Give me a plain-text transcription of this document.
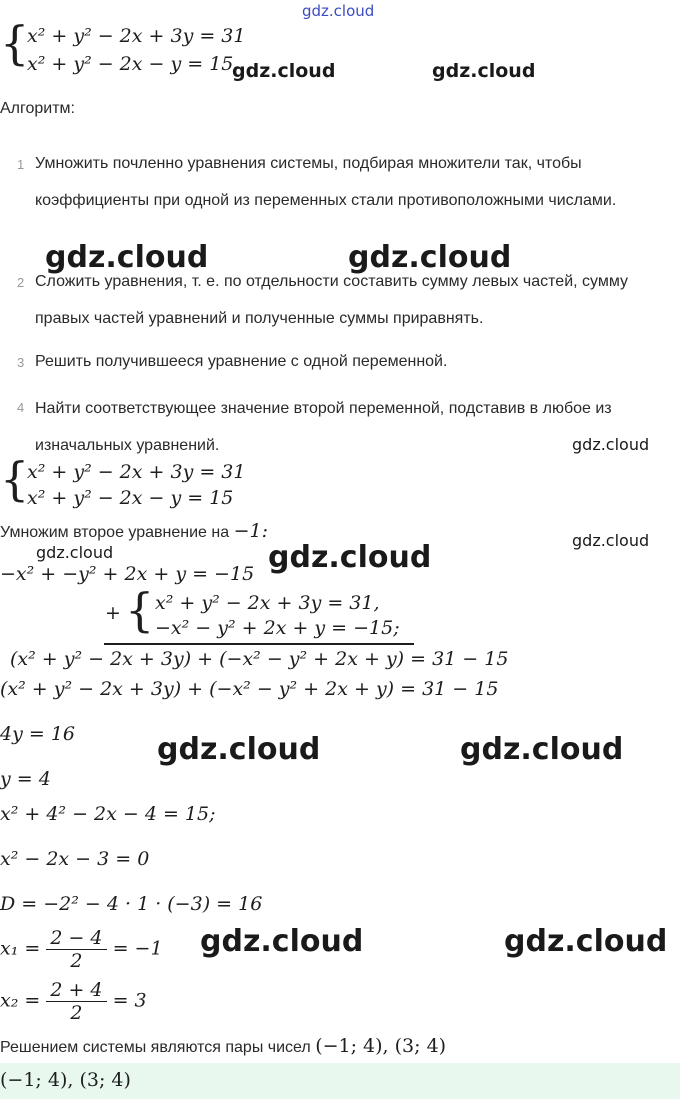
gdz.cloud
{
x² + y² − 2x + 3y = 31
x² + y² − 2x − y = 15
gdz.cloud	gdz.cloud
Алгоритм:
1 Умножить почленно уравнения системы, подбирая множители так, чтобы коэффициенты при одной из переменных стали противоположными числами.
gdz.cloud	gdz.cloud
2 Сложить уравнения, т. е. по отдельности составить сумму левых частей, сумму правых частей уравнений и полученные суммы приравнять.
3 Решить получившееся уравнение с одной переменной.
4 Найти соответствующее значение второй переменной, подставив в любое из изначальных уравнений.	gdz.cloud
{
x² + y² − 2x + 3y = 31
x² + y² − 2x − y = 15
Умножим второе уравнение на −1:	gdz.cloud
gdz.cloud
−x² + −y² + 2x + y = −15 gdz.cloud
+ { x² + y² − 2x + 3y = 31,
−x² − y² + 2x + y = −15;
(x² + y² − 2x + 3y) + (−x² − y² + 2x + y) = 31 − 15
(x² + y² − 2x + 3y) + (−x² − y² + 2x + y) = 31 − 15
4y = 16	gdz.cloud	gdz.cloud
y = 4
x² + 4² − 2x − 4 = 15;
x² − 2x − 3 = 0
D = −2² − 4 · 1 · (−3) = 16
$x_1 = \frac{2 - 4}{2} = -1$ gdz.cloud	gdz.cloud
$x_2 = \frac{2 + 4}{2} = 3$
Решением системы являются пары чисел (−1; 4), (3; 4)
(−1; 4), (3; 4)
